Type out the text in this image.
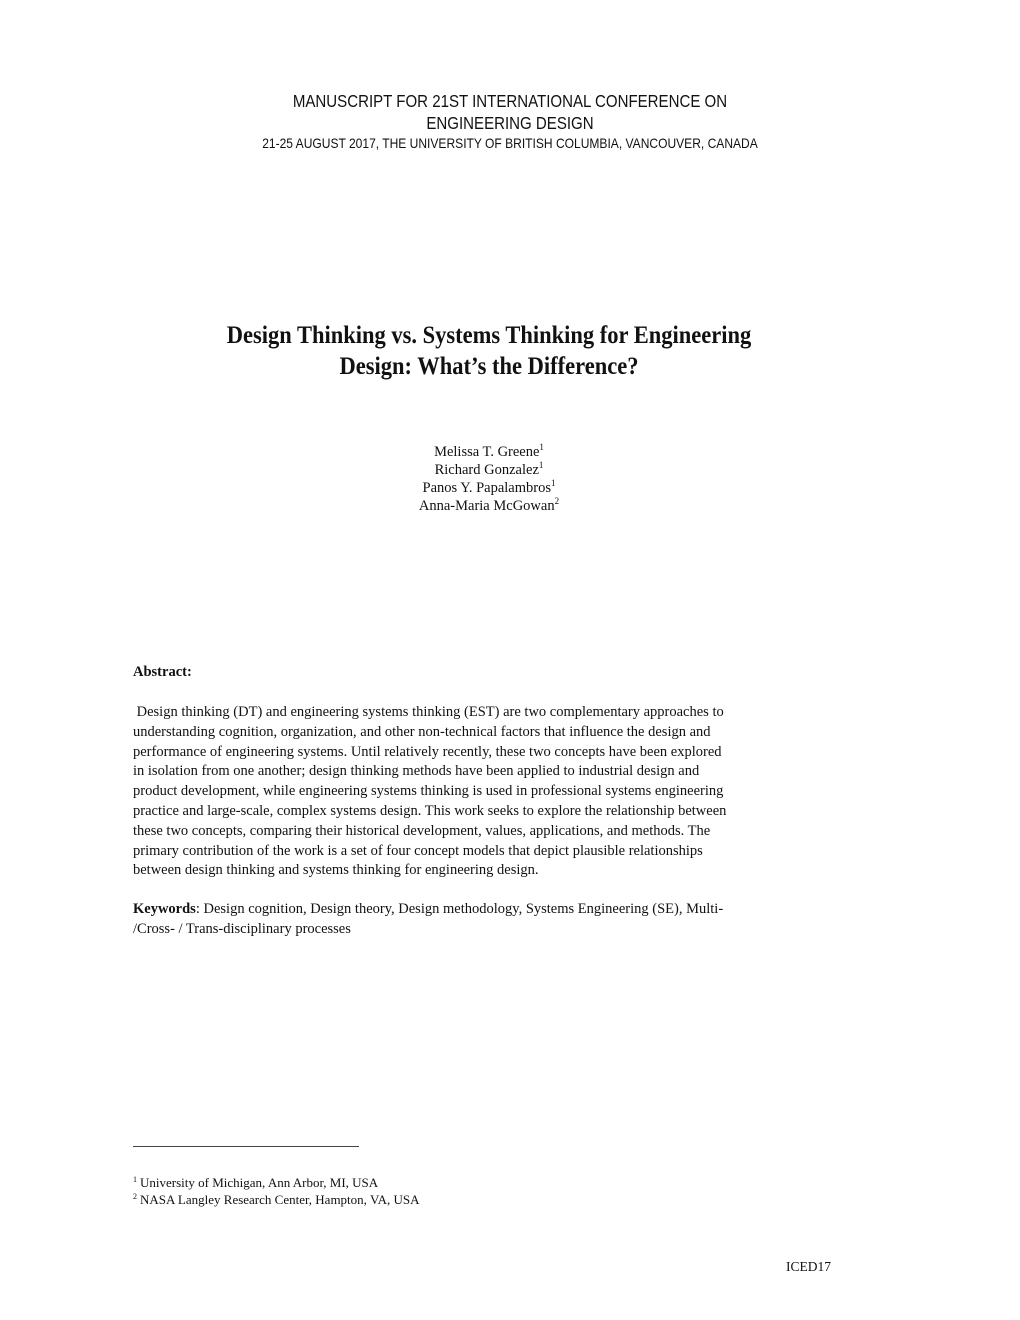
MANUSCRIPT FOR 21ST INTERNATIONAL CONFERENCE ON
ENGINEERING DESIGN
21-25 AUGUST 2017, THE UNIVERSITY OF BRITISH COLUMBIA, VANCOUVER, CANADA
Design Thinking vs. Systems Thinking for Engineering
Design: What’s the Difference?
Melissa T. Greene$^1$
Richard Gonzalez$^1$
Panos Y. Papalambros$^1$
Anna-Maria McGowan$^2$
Abstract:
Design thinking (DT) and engineering systems thinking (EST) are two complementary approaches to
understanding cognition, organization, and other non-technical factors that influence the design and
performance of engineering systems. Until relatively recently, these two concepts have been explored
in isolation from one another; design thinking methods have been applied to industrial design and
product development, while engineering systems thinking is used in professional systems engineering
practice and large-scale, complex systems design. This work seeks to explore the relationship between
these two concepts, comparing their historical development, values, applications, and methods. The
primary contribution of the work is a set of four concept models that depict plausible relationships
between design thinking and systems thinking for engineering design.
Keywords: Design cognition, Design theory, Design methodology, Systems Engineering (SE), Multi-
/Cross- / Trans-disciplinary processes
$^1$ University of Michigan, Ann Arbor, MI, USA
$^2$ NASA Langley Research Center, Hampton, VA, USA
ICED17
